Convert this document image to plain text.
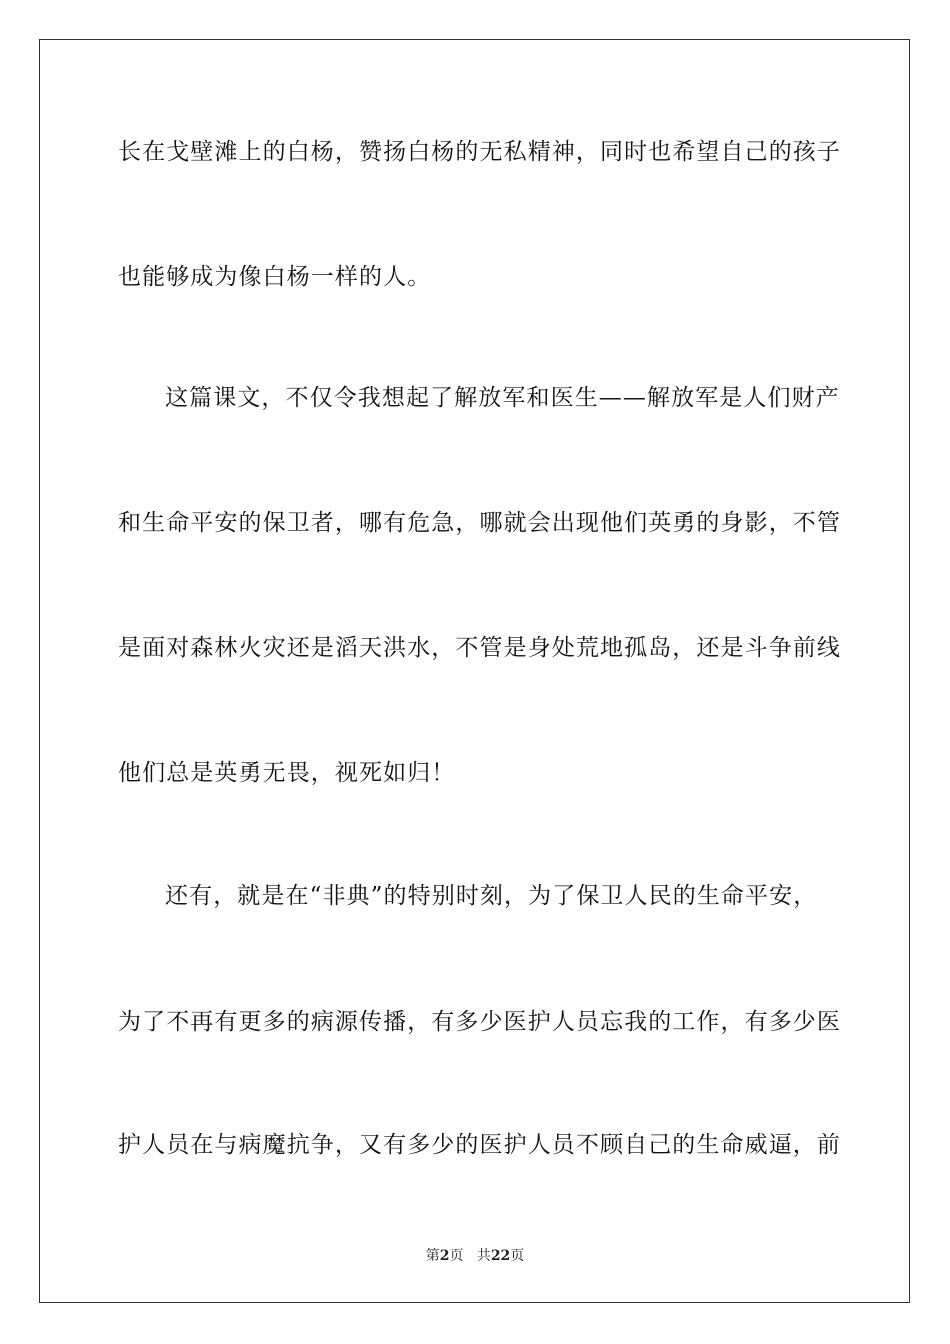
长在戈壁滩上的白杨，赞扬白杨的无私精神，同时也希望自己的孩子
也能够成为像白杨一样的人。
这篇课文，不仅令我想起了解放军和医生——解放军是人们财产
和生命平安的保卫者，哪有危急，哪就会出现他们英勇的身影，不管
是面对森林火灾还是滔天洪水，不管是身处荒地孤岛，还是斗争前线
他们总是英勇无畏，视死如归！
还有，就是在“非典”的特别时刻，为了保卫人民的生命平安，
为了不再有更多的病源传播，有多少医护人员忘我的工作，有多少医
护人员在与病魔抗争，又有多少的医护人员不顾自己的生命威逼，前
第2页 共22页
